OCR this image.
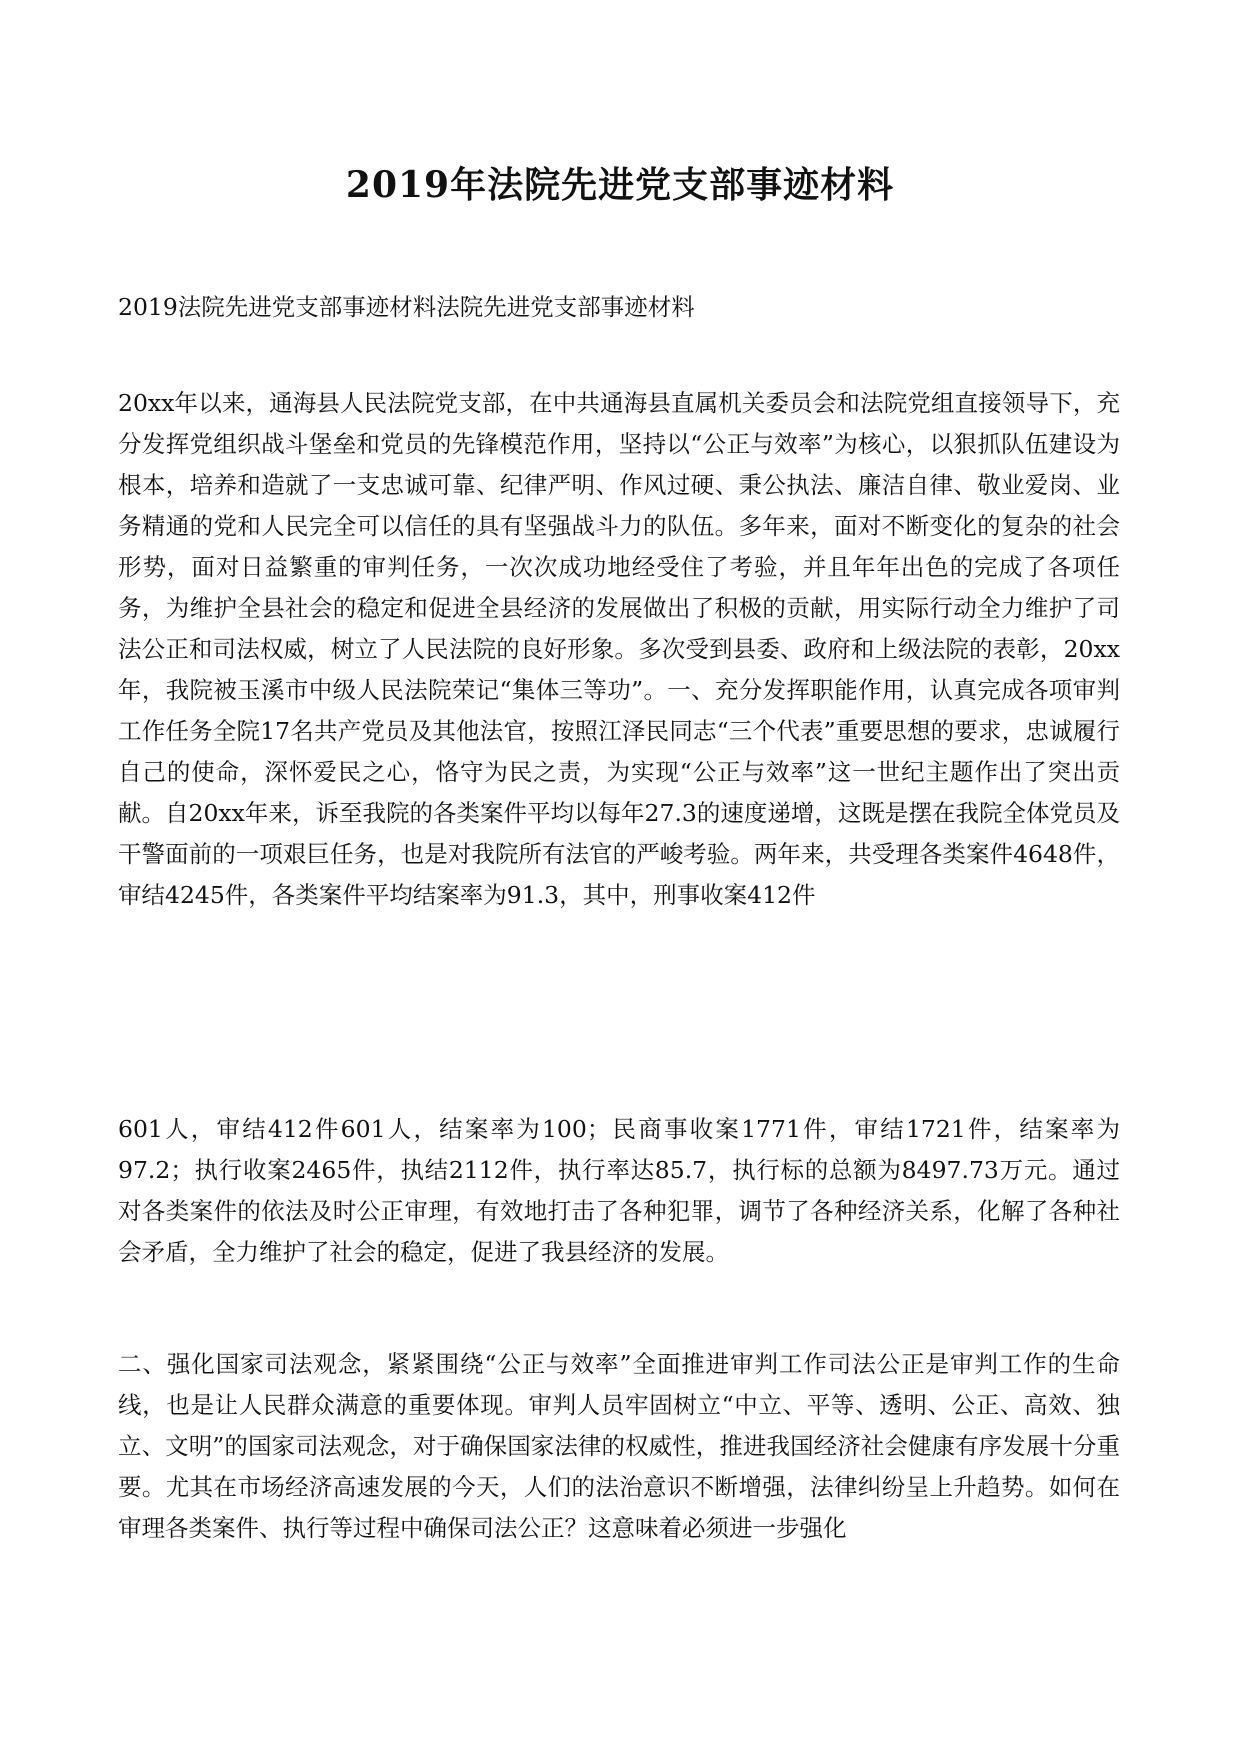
2019年法院先进党支部事迹材料

2019法院先进党支部事迹材料法院先进党支部事迹材料

20xx年以来，通海县人民法院党支部，在中共通海县直属机关委员会和法院党组直接领导下，充分发挥党组织战斗堡垒和党员的先锋模范作用，坚持以“公正与效率”为核心，以狠抓队伍建设为根本，培养和造就了一支忠诚可靠、纪律严明、作风过硬、秉公执法、廉洁自律、敬业爱岗、业务精通的党和人民完全可以信任的具有坚强战斗力的队伍。多年来，面对不断变化的复杂的社会形势，面对日益繁重的审判任务，一次次成功地经受住了考验，并且年年出色的完成了各项任务，为维护全县社会的稳定和促进全县经济的发展做出了积极的贡献，用实际行动全力维护了司法公正和司法权威，树立了人民法院的良好形象。多次受到县委、政府和上级法院的表彰，20xx年，我院被玉溪市中级人民法院荣记“集体三等功”。一、充分发挥职能作用，认真完成各项审判工作任务全院17名共产党员及其他法官，按照江泽民同志“三个代表”重要思想的要求，忠诚履行自己的使命，深怀爱民之心，恪守为民之责，为实现“公正与效率”这一世纪主题作出了突出贡献。自20xx年来，诉至我院的各类案件平均以每年27.3的速度递增，这既是摆在我院全体党员及干警面前的一项艰巨任务，也是对我院所有法官的严峻考验。两年来，共受理各类案件4648件，审结4245件，各类案件平均结案率为91.3，其中，刑事收案412件

601人，审结412件601人，结案率为100；民商事收案1771件，审结1721件，结案率为97.2；执行收案2465件，执结2112件，执行率达85.7，执行标的总额为8497.73万元。通过对各类案件的依法及时公正审理，有效地打击了各种犯罪，调节了各种经济关系，化解了各种社会矛盾，全力维护了社会的稳定，促进了我县经济的发展。

二、强化国家司法观念，紧紧围绕“公正与效率”全面推进审判工作司法公正是审判工作的生命线，也是让人民群众满意的重要体现。审判人员牢固树立“中立、平等、透明、公正、高效、独立、文明”的国家司法观念，对于确保国家法律的权威性，推进我国经济社会健康有序发展十分重要。尤其在市场经济高速发展的今天，人们的法治意识不断增强，法律纠纷呈上升趋势。如何在审理各类案件、执行等过程中确保司法公正？这意味着必须进一步强化
